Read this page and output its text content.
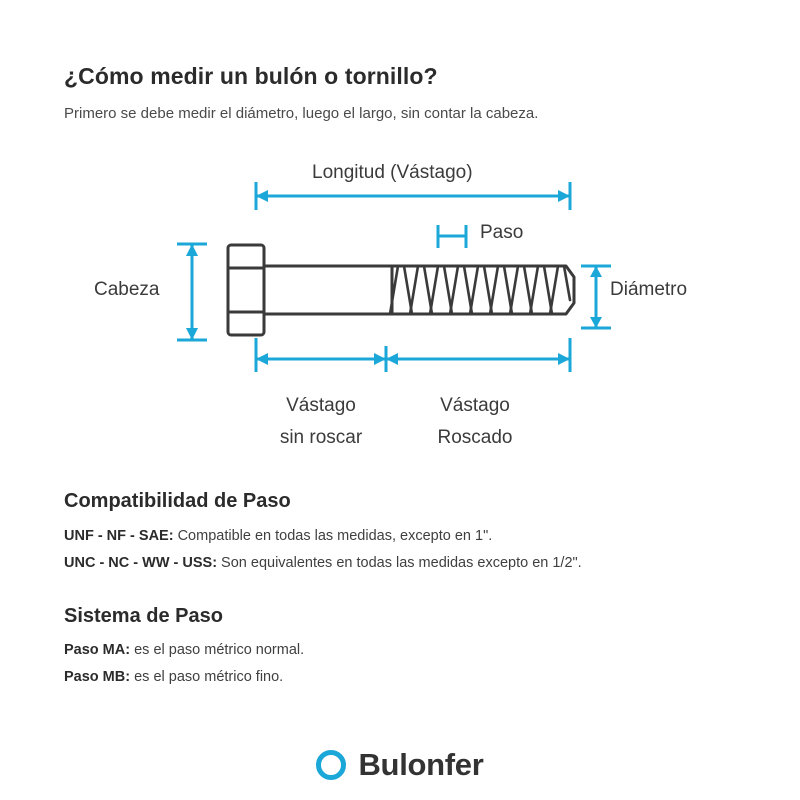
¿Cómo medir un bulón o tornillo?

Primero se debe medir el diámetro, luego el largo, sin contar la cabeza.

Longitud (Vástago)
Paso
Cabeza	Diámetro
Vástago
sin roscar
Vástago
Roscado
Compatibilidad de Paso
UNF - NF - SAE: Compatible en todas las medidas, excepto en 1".
UNC - NC - WW - USS: Son equivalentes en todas las medidas excepto en 1/2".
Sistema de Paso
Paso MA: es el paso métrico normal.
Paso MB: es el paso métrico fino.
Bulonfer
